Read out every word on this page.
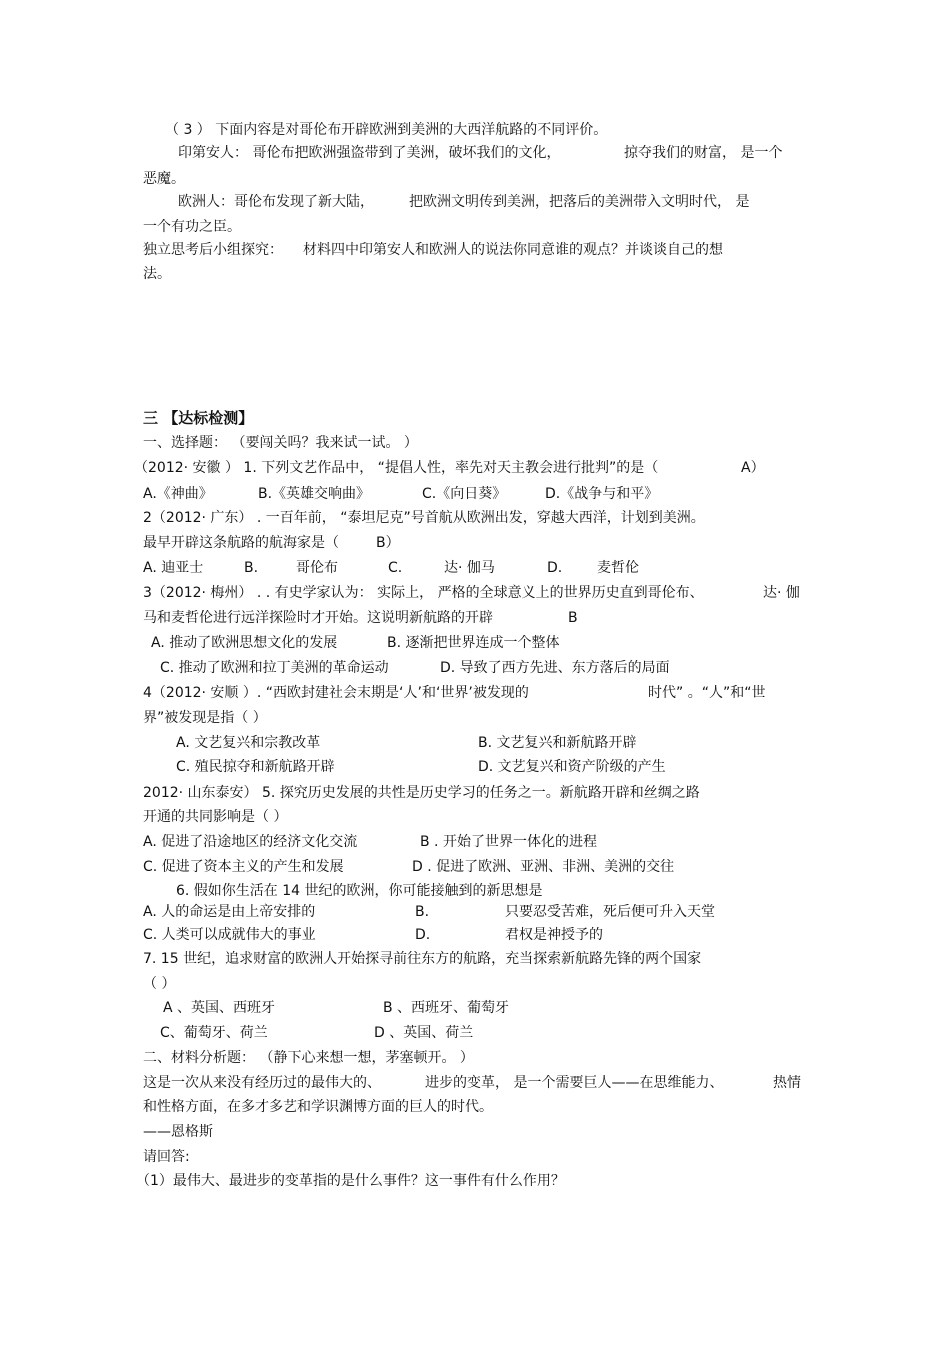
（ 3 ） 下面内容是对哥伦布开辟欧洲到美洲的大西洋航路的不同评价。
印第安人： 哥伦布把欧洲强盗带到了美洲，破坏我们的文化，	掠夺我们的财富， 是一个
恶魔。
欧洲人：哥伦布发现了新大陆，	把欧洲文明传到美洲，把落后的美洲带入文明时代， 是
一个有功之臣。
独立思考后小组探究： 材料四中印第安人和欧洲人的说法你同意谁的观点？并谈谈自己的想
法。
三 【达标检测】
一、选择题： （要闯关吗？我来试一试。 ）
（2012· 安徽 ） 1. 下列文艺作品中， “提倡人性，率先对天主教会进行批判”的是（	A）
A.《神曲》	B.《英雄交响曲》	C.《向日葵》	D.《战争与和平》
2（2012· 广东） . 一百年前， “泰坦尼克”号首航从欧洲出发，穿越大西洋，计划到美洲。
最早开辟这条航路的航海家是（	B）
A. 迪亚士	B.	哥伦布	C.	达· 伽马	D. 麦哲伦
3（2012· 梅州） . . 有史学家认为： 实际上， 严格的全球意义上的世界历史直到哥伦布、	达· 伽
马和麦哲伦进行远洋探险时才开始。这说明新航路的开辟	B
A. 推动了欧洲思想文化的发展	B. 逐渐把世界连成一个整体
C. 推动了欧洲和拉丁美洲的革命运动	D. 导致了西方先进、东方落后的局面
4（2012· 安顺 ）. “西欧封建社会末期是‘人’和‘世界’被发现的	时代” 。“人”和“世
界”被发现是指（ ）
A. 文艺复兴和宗教改革	B. 文艺复兴和新航路开辟
C. 殖民掠夺和新航路开辟	D. 文艺复兴和资产阶级的产生
2012· 山东泰安） 5. 探究历史发展的共性是历史学习的任务之一。新航路开辟和丝绸之路
开通的共同影响是（ ）
A. 促进了沿途地区的经济文化交流	B . 开始了世界一体化的进程
C. 促进了资本主义的产生和发展	D . 促进了欧洲、亚洲、非洲、美洲的交往
6. 假如你生活在 14 世纪的欧洲，你可能接触到的新思想是
A. 人的命运是由上帝安排的	B.	只要忍受苦难，死后便可升入天堂
C. 人类可以成就伟大的事业	D.	君权是神授予的
7. 15 世纪，追求财富的欧洲人开始探寻前往东方的航路，充当探索新航路先锋的两个国家
（ ）
A 、英国、西班牙	B 、西班牙、葡萄牙
C、葡萄牙、荷兰	D 、英国、荷兰
二、材料分析题： （静下心来想一想，茅塞顿开。 ）
这是一次从来没有经历过的最伟大的、	进步的变革， 是一个需要巨人——在思维能力、	热情
和性格方面，在多才多艺和学识渊博方面的巨人的时代。
——恩格斯
请回答:
（1）最伟大、最进步的变革指的是什么事件？这一事件有什么作用？
